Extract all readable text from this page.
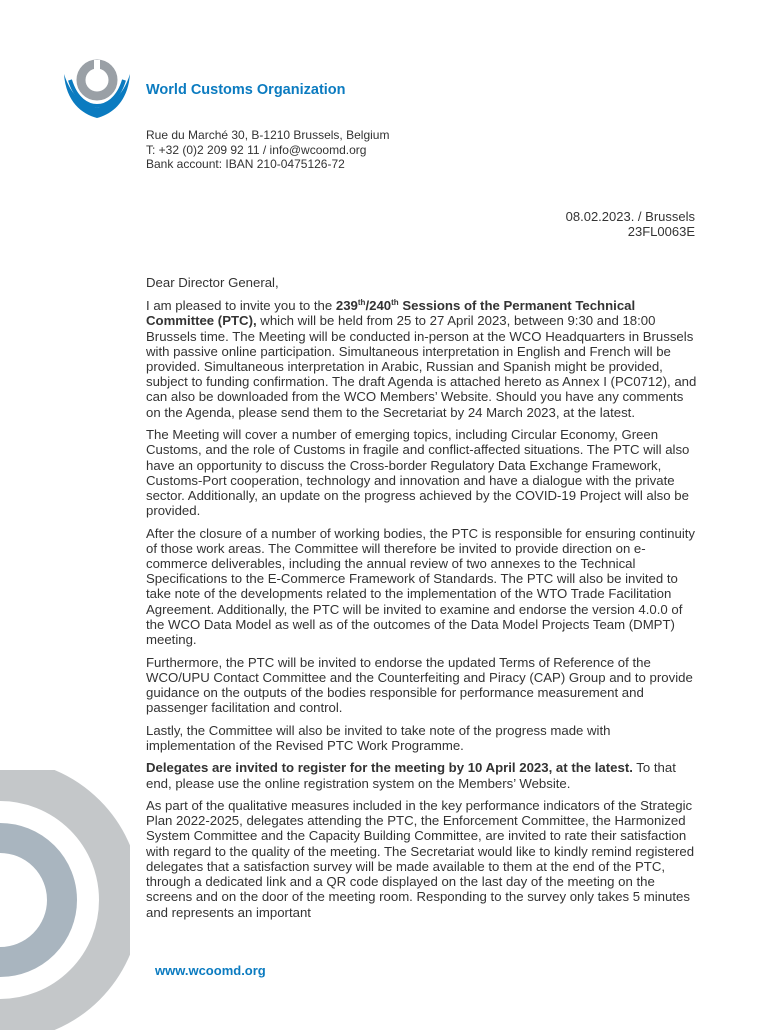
World Customs Organization
Rue du Marché 30, B-1210 Brussels, Belgium
T: +32 (0)2 209 92 11 / info@wcoomd.org
Bank account: IBAN 210-0475126-72
08.02.2023. / Brussels
23FL0063E

Dear Director General,

I am pleased to invite you to the 239th/240th Sessions of the Permanent Technical Committee (PTC), which will be held from 25 to 27 April 2023, between 9:30 and 18:00 Brussels time. The Meeting will be conducted in-person at the WCO Headquarters in Brussels with passive online participation. Simultaneous interpretation in English and French will be provided. Simultaneous interpretation in Arabic, Russian and Spanish might be provided, subject to funding confirmation. The draft Agenda is attached hereto as Annex I (PC0712), and can also be downloaded from the WCO Members’ Website. Should you have any comments on the Agenda, please send them to the Secretariat by 24 March 2023, at the latest.

The Meeting will cover a number of emerging topics, including Circular Economy, Green Customs, and the role of Customs in fragile and conflict-affected situations. The PTC will also have an opportunity to discuss the Cross-border Regulatory Data Exchange Framework, Customs-Port cooperation, technology and innovation and have a dialogue with the private sector. Additionally, an update on the progress achieved by the COVID-19 Project will also be provided.

After the closure of a number of working bodies, the PTC is responsible for ensuring continuity of those work areas. The Committee will therefore be invited to provide direction on e-commerce deliverables, including the annual review of two annexes to the Technical Specifications to the E-Commerce Framework of Standards. The PTC will also be invited to take note of the developments related to the implementation of the WTO Trade Facilitation Agreement. Additionally, the PTC will be invited to examine and endorse the version 4.0.0 of the WCO Data Model as well as of the outcomes of the Data Model Projects Team (DMPT) meeting.

Furthermore, the PTC will be invited to endorse the updated Terms of Reference of the WCO/UPU Contact Committee and the Counterfeiting and Piracy (CAP) Group and to provide guidance on the outputs of the bodies responsible for performance measurement and passenger facilitation and control.

Lastly, the Committee will also be invited to take note of the progress made with implementation of the Revised PTC Work Programme.

Delegates are invited to register for the meeting by 10 April 2023, at the latest. To that end, please use the online registration system on the Members’ Website.

As part of the qualitative measures included in the key performance indicators of the Strategic Plan 2022-2025, delegates attending the PTC, the Enforcement Committee, the Harmonized System Committee and the Capacity Building Committee, are invited to rate their satisfaction with regard to the quality of the meeting. The Secretariat would like to kindly remind registered delegates that a satisfaction survey will be made available to them at the end of the PTC, through a dedicated link and a QR code displayed on the last day of the meeting on the screens and on the door of the meeting room. Responding to the survey only takes 5 minutes and represents an important

www.wcoomd.org
